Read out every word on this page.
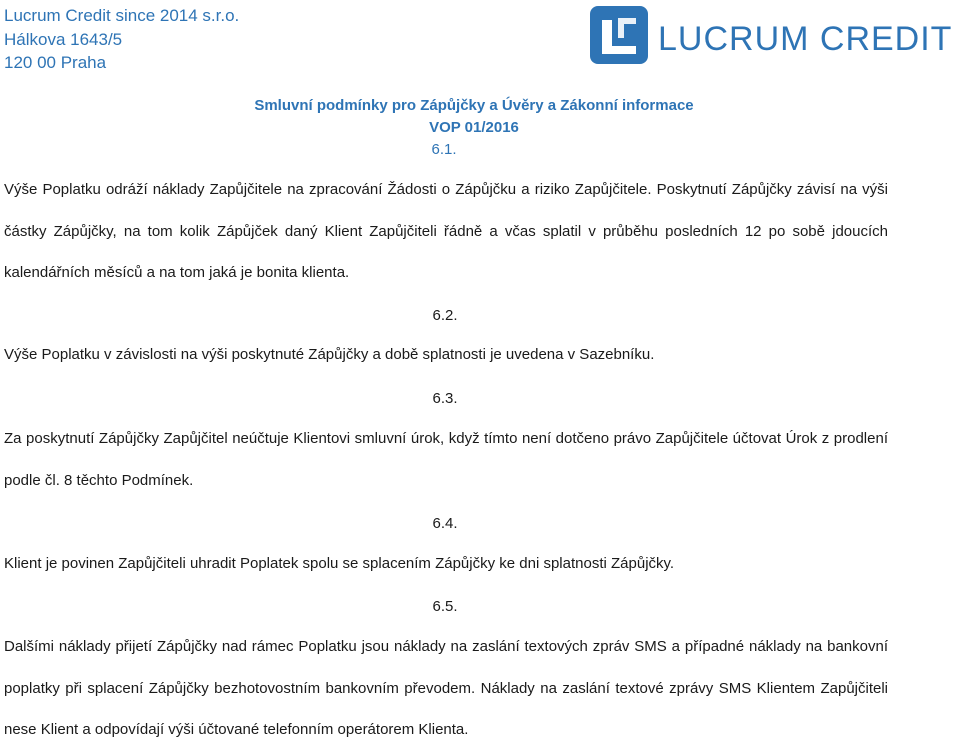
Lucrum Credit since 2014 s.r.o.
Hálkova 1643/5
120 00 Praha
LUCRUM CREDIT
Smluvní podmínky pro Zápůjčky a Úvěry a Zákonní informace
VOP 01/2016
6.1.
Výše Poplatku odráží náklady Zapůjčitele na zpracování Žádosti o Zápůjčku a riziko Zapůjčitele. Poskytnutí Zápůjčky závisí na výši částky Zápůjčky, na tom kolik Zápůjček daný Klient Zapůjčiteli řádně a včas splatil v průběhu posledních 12 po sobě jdoucích kalendářních měsíců a na tom jaká je bonita klienta.
6.2.
Výše Poplatku v závislosti na výši poskytnuté Zápůjčky a době splatnosti je uvedena v Sazebníku.
6.3.
Za poskytnutí Zápůjčky Zapůjčitel neúčtuje Klientovi smluvní úrok, když tímto není dotčeno právo Zapůjčitele účtovat Úrok z prodlení podle čl. 8 těchto Podmínek.
6.4.
Klient je povinen Zapůjčiteli uhradit Poplatek spolu se splacením Zápůjčky ke dni splatnosti Zápůjčky.
6.5.
Dalšími náklady přijetí Zápůjčky nad rámec Poplatku jsou náklady na zaslání textových zpráv SMS a případné náklady na bankovní poplatky při splacení Zápůjčky bezhotovostním bankovním převodem. Náklady na zaslání textové zprávy SMS Klientem Zapůjčiteli nese Klient a odpovídají výši účtované telefonním operátorem Klienta.
